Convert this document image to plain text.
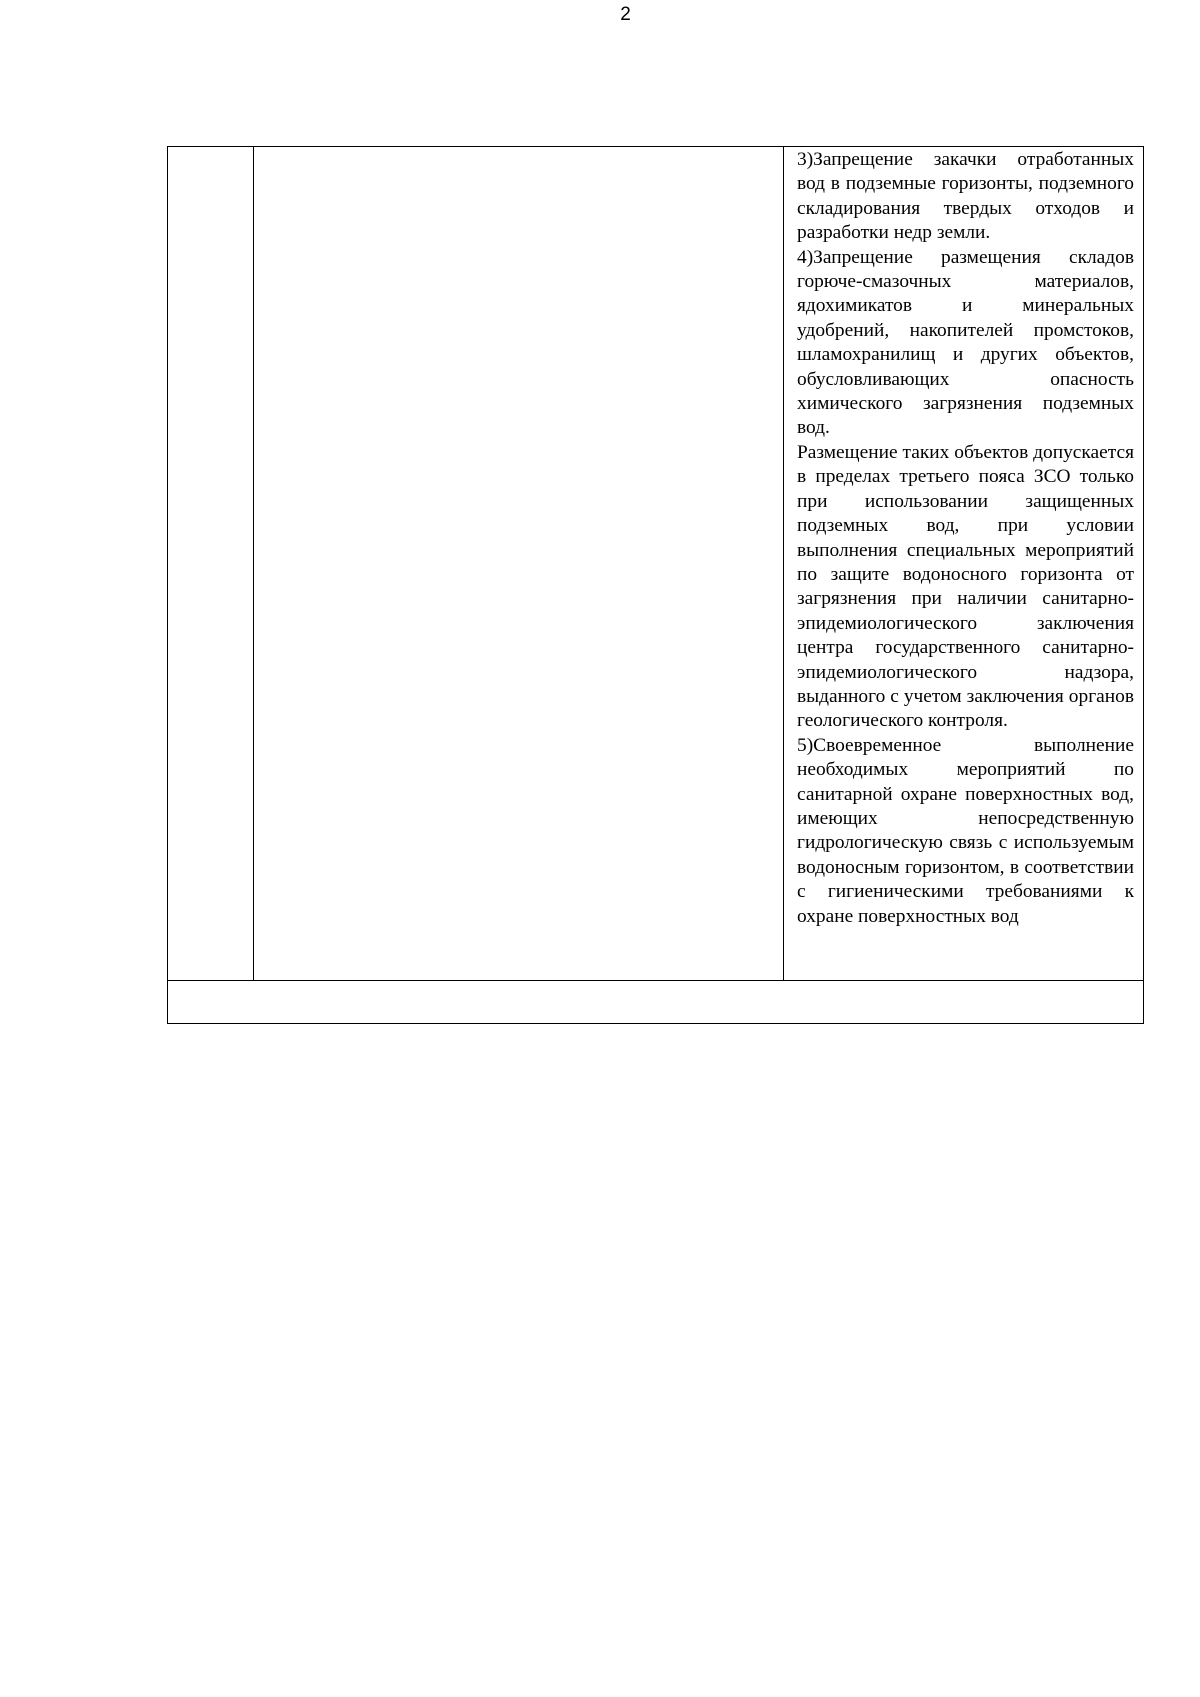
2

3)Запрещение закачки отработанных вод в подземные горизонты, подземного складирования твердых отходов и разработки недр земли.

4)Запрещение размещения складов горюче-смазочных материалов, ядохимикатов и минеральных удобрений, накопителей промстоков, шламохранилищ и других объектов, обусловливающих опасность химического загрязнения подземных вод.

Размещение таких объектов допускается в пределах третьего пояса ЗСО только при использовании защищенных подземных вод, при условии выполнения специальных мероприятий по защите водоносного горизонта от загрязнения при наличии санитарно-эпидемиологического заключения центра государственного санитарно-эпидемиологического надзора, выданного с учетом заключения органов геологического контроля.

5)Своевременное выполнение необходимых мероприятий по санитарной охране поверхностных вод, имеющих непосредственную гидрологическую связь с используемым водоносным горизонтом, в соответствии с гигиеническими требованиями к охране поверхностных вод
